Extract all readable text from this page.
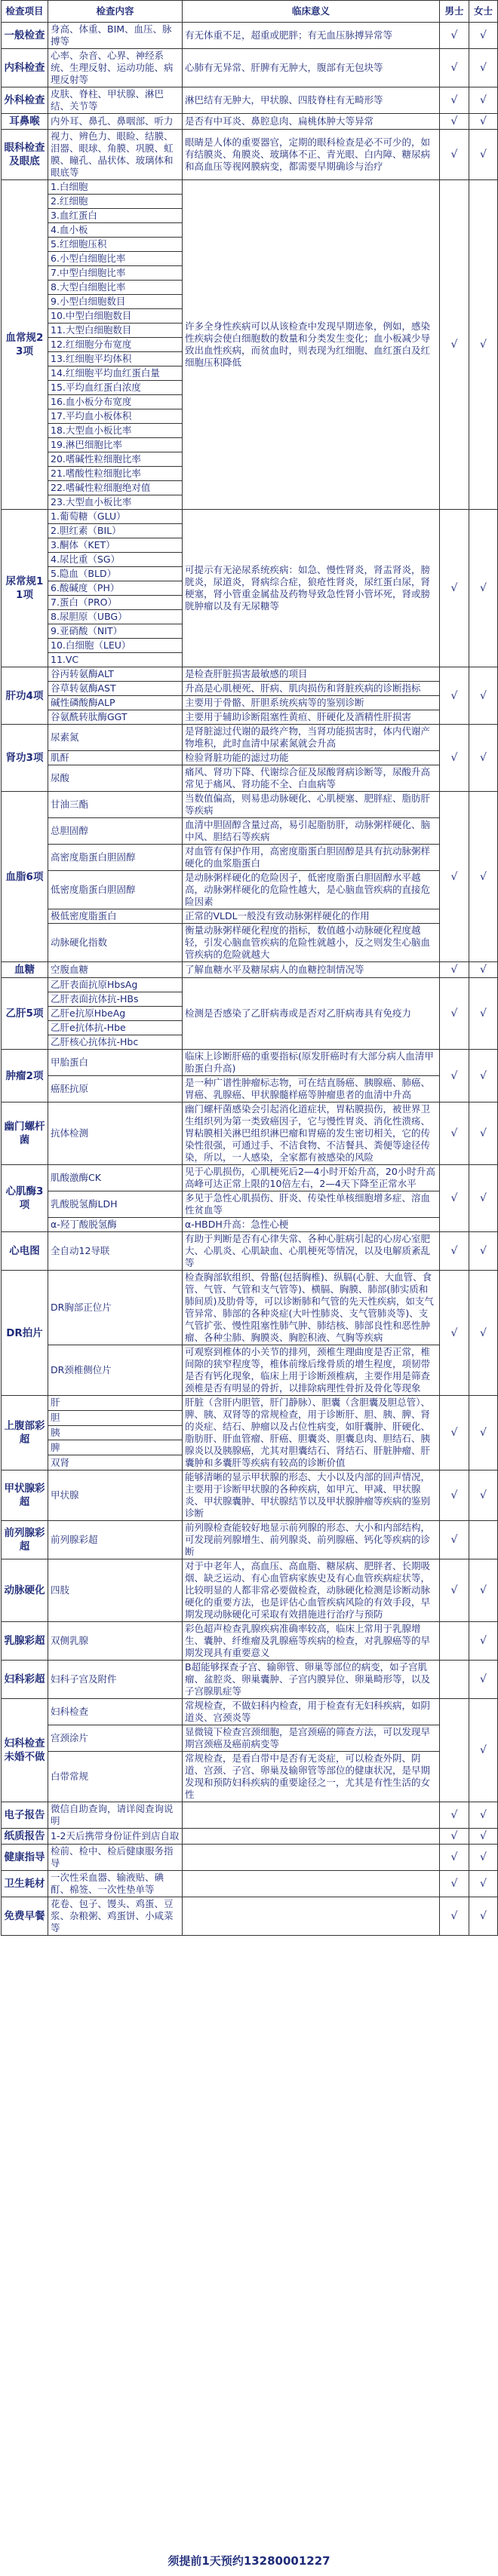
检查项目	检查内容	临床意义	男士	女士
一般检查	身高、体重、BIM、血压、脉搏等	有无体重不足，超重或肥胖；有无血压脉搏异常等	√	√
内科检查	心率、杂音、心界、神经系统、生理反射、运动功能、病理反射等	心肺有无异常、肝脾有无肿大，腹部有无包块等	√	√
外科检查	皮肤、脊柱、甲状腺、淋巴结、关节等	淋巴结有无肿大，甲状腺、四肢脊柱有无畸形等	√	√
耳鼻喉	内外耳、鼻孔、鼻咽部、听力	是否有中耳炎、鼻腔息肉、扁桃体肿大等异常	√	√
眼科检查及眼底	视力、辨色力、眼睑、结膜、泪器、眼球、角膜、巩膜、虹膜、瞳孔、晶状体、玻璃体和眼底等	眼睛是人体的重要器官，定期的眼科检查是必不可少的，如有结膜炎、角膜炎、玻璃体不正、青光眼、白内障、糖尿病和高血压等视网膜病变，都需要早期确诊与治疗	√	√
血常规23项	1.白细胞	许多全身性疾病可以从该检查中发现早期迹象，例如，感染性疾病会使白细胞数的数量和分类发生变化；血小板减少导致出血性疾病，而贫血时，则表现为红细胞、血红蛋白及红细胞压积降低	√	√
	2.红细胞			
	3.血红蛋白			
	4.血小板			
	5.红细胞压积			
	6.小型白细胞比率			
	7.中型白细胞比率			
	8.大型白细胞比率			
	9.小型白细胞数目			
	10.中型白细胞数目			
	11.大型白细胞数目			
	12.红细胞分布宽度			
	13.红细胞平均体积			
	14.红细胞平均血红蛋白量			
	15.平均血红蛋白浓度			
	16.血小板分布宽度			
	17.平均血小板体积			
	18.大型血小板比率			
	19.淋巴细胞比率			
	20.嗜碱性粒细胞比率			
	21.嗜酸性粒细胞比率			
	22.嗜碱性粒细胞绝对值			
	23.大型血小板比率			
尿常规11项	1.葡萄糖（GLU）	可提示有无泌尿系统疾病：如急、慢性肾炎，肾盂肾炎，膀胱炎，尿道炎，肾病综合症，狼疮性肾炎，尿红蛋白尿，肾梗塞，肾小管重金属盐及药物导致急性肾小管坏死，肾或膀胱肿瘤以及有无尿糖等	√	√
	2.胆红素（BIL）			
	3.酮体（KET）			
	4.尿比重（SG）			
	5.隐血（BLD）			
	6.酸碱度（PH）			
	7.蛋白（PRO）			
	8.尿胆原（UBG）			
	9.亚硝酸（NIT）			
	10.白细胞（LEU）			
	11.VC			
肝功4项	谷丙转氨酶ALT	是检查肝脏损害最敏感的项目	√	√
	谷草转氨酶AST	升高是心肌梗死、肝病、肌肉损伤和肾脏疾病的诊断指标		
	碱性磷酸酶ALP	主要用于骨骼、肝胆系统疾病等的鉴别诊断		
	谷氨酰转肽酶GGT	主要用于辅助诊断阻塞性黄疸、肝硬化及酒精性肝损害		
肾功3项	尿素氮	是肾脏滤过代谢的最终产物，当肾功能损害时，体内代谢产物堆积，此时血清中尿素氮就会升高	√	√
	肌酐	检验肾脏功能的滤过功能		
	尿酸	痛风、肾功下降、代谢综合征及尿酸肾病诊断等，尿酸升高常见于痛风、肾功能不全、白血病等		
血脂6项	甘油三酯	当数值偏高，则易患动脉硬化、心肌梗塞、肥胖症、脂肪肝等疾病	√	√
	总胆固醇	血清中胆固醇含量过高，易引起脂肪肝，动脉粥样硬化、脑中风、胆结石等疾病		
	高密度脂蛋白胆固醇	对血管有保护作用，高密度脂蛋白胆固醇是具有抗动脉粥样硬化的血浆脂蛋白		
	低密度脂蛋白胆固醇	是动脉粥样硬化的危险因子，低密度脂蛋白胆固醇水平越高，动脉粥样硬化的危险性越大，是心脑血管疾病的直接危险因素		
	极低密度脂蛋白	正常的VLDL一般没有致动脉粥样硬化的作用		
	动脉硬化指数	衡量动脉粥样硬化程度的指标，数值越小动脉硬化程度越轻，引发心脑血管疾病的危险性就越小，反之则发生心脑血管疾病的危险就越大		
血糖	空腹血糖	了解血糖水平及糖尿病人的血糖控制情况等	√	√
乙肝5项	乙肝表面抗原HbsAg	检测是否感染了乙肝病毒或是否对乙肝病毒具有免疫力	√	√
	乙肝表面抗体抗-HBs			
	乙肝e抗原HbeAg			
	乙肝e抗体抗-Hbe			
	乙肝核心抗体抗-Hbc			
肿瘤2项	甲胎蛋白	临床上诊断肝癌的重要指标(原发肝癌时有大部分病人血清甲胎蛋白升高)	√	√
	癌胚抗原	是一种广谱性肿瘤标志物，可在结直肠癌、胰腺癌、肺癌、胃癌、乳腺癌、甲状腺髓样癌等肿瘤患者的血清中升高		
幽门螺杆菌	抗体检测	幽门螺杆菌感染会引起消化道症状，胃粘膜损伤，被世界卫生组织列为第一类致癌因子，它与慢性胃炎、消化性溃疡、胃粘膜相关淋巴组织淋巴瘤和胃癌的发生密切相关，它的传染性很强，可通过手、不洁食物、不洁餐具、粪便等途径传染，所以，一人感染，全家都有被感染的风险	√	√
心肌酶3项	肌酸激酶CK	见于心肌损伤，心肌梗死后2—4小时开始升高，20小时升高高峰可达正常上限的10倍左右，2—4天下降至正常水平	√	√
	乳酸脱氢酶LDH	多见于急性心肌损伤、肝炎、传染性单核细胞增多症、溶血性贫血等		
	α-羟丁酸脱氢酶	α-HBDH升高：急性心梗		
心电图	全自动12导联	有助于判断是否有心律失常、各种心脏病引起的心房心室肥大、心肌炎、心肌缺血、心肌梗死等情况，以及电解质紊乱等	√	√
DR拍片	DR胸部正位片	检查胸部软组织、骨骼(包括胸椎)、纵膈(心脏、大血管、食管、气管、气管和支气管等)、横膈、胸膜、肺部(肺实质和肺间质)及肋骨等，可以诊断肺和气管的先天性疾病，如支气管异常、肺部的各种炎症(大叶性肺炎、支气管肺炎等)、支气管扩张、慢性阻塞性肺气肿、肺结核、肺部良性和恶性肿瘤、各种尘肺、胸膜炎、胸腔积液、气胸等疾病	√	√
	DR颈椎侧位片	可观察到椎体的小关节的排列，颈椎生理曲度是否正常，椎间隙的狭窄程度等，椎体前缘后缘骨质的增生程度，项韧带是否有钙化现象，临床上用于诊断颈椎病，主要作用是筛查颈椎是否有明显的骨折，以排除病理性骨折及骨化等现象		
上腹部彩超	肝	肝脏（含肝内胆管，肝门静脉）、胆囊（含胆囊及胆总管）、脾、胰、双肾等的常规检查，用于诊断肝、胆、胰、脾、肾的炎症、结石、肿瘤以及占位性病变，如肝囊肿、肝硬化、脂肪肝、肝血管瘤、肝癌、胆囊炎、胆囊息肉、胆结石、胰腺炎以及胰腺癌，尤其对胆囊结石、肾结石、肝脏肿瘤、肝囊肿和多囊肝等疾病有较高的诊断价值	√	√
	胆			
	胰			
	脾			
	双肾			
甲状腺彩超	甲状腺	能够清晰的显示甲状腺的形态、大小以及内部的回声情况，主要用于诊断甲状腺的各种疾病，如甲亢、甲减、甲状腺炎、甲状腺囊肿、甲状腺结节以及甲状腺肿瘤等疾病的鉴别诊断	√	√
前列腺彩超	前列腺彩超	前列腺检查能较好地显示前列腺的形态、大小和内部结构，可发现前列腺增生、前列腺炎、前列腺癌、钙化等疾病的诊断	√	
动脉硬化	四肢	对于中老年人，高血压、高血脂、糖尿病、肥胖者、长期吸烟、缺乏运动、有心血管病家族史及有心血管疾病症状等，比较明显的人都非常必要做检查，动脉硬化检测是诊断动脉硬化的重要方法，也是评估心血管疾病风险的有效手段，早期发现动脉硬化可采取有效措施进行治疗与预防	√	√
乳腺彩超	双侧乳腺	彩色超声检查乳腺疾病准确率较高，临床上常用于乳腺增生、囊肿、纤维瘤及乳腺癌等疾病的检查，对乳腺癌等的早期发现具有重要意义		√
妇科彩超	妇科子宫及附件	B超能够探查子宫、输卵管、卵巢等部位的病变，如子宫肌瘤、盆腔炎、卵巢囊肿、子宫内膜异位、卵巢畸形等，以及子宫腺肌症等		√
妇科检查未婚不做	妇科检查	常规检查，不做妇科内检查，用于检查有无妇科疾病，如阴道炎、宫颈炎等		√
	宫颈涂片	显微镜下检查宫颈细胞，是宫颈癌的筛查方法，可以发现早期宫颈癌及癌前病变等		
	白带常规	常规检查，是看白带中是否有无炎症，可以检查外阴、阴道、宫颈、子宫、卵巢及输卵管等部位的健康状况，是早期发现和预防妇科疾病的重要途径之一，尤其是有性生活的女性		
电子报告	微信自助查询，请详阅查询说明		√	√
纸质报告	1-2天后携带身份证件到店自取		√	√
健康指导	检前、检中、检后健康服务指导		√	√
卫生耗材	一次性采血器、输液贴、碘酊、棉签、一次性垫单等		√	√
免费早餐	花卷、包子、馒头、鸡蛋、豆浆、杂粮粥、鸡蛋饼、小咸菜等		√	√
须提前1天预约13280001227
